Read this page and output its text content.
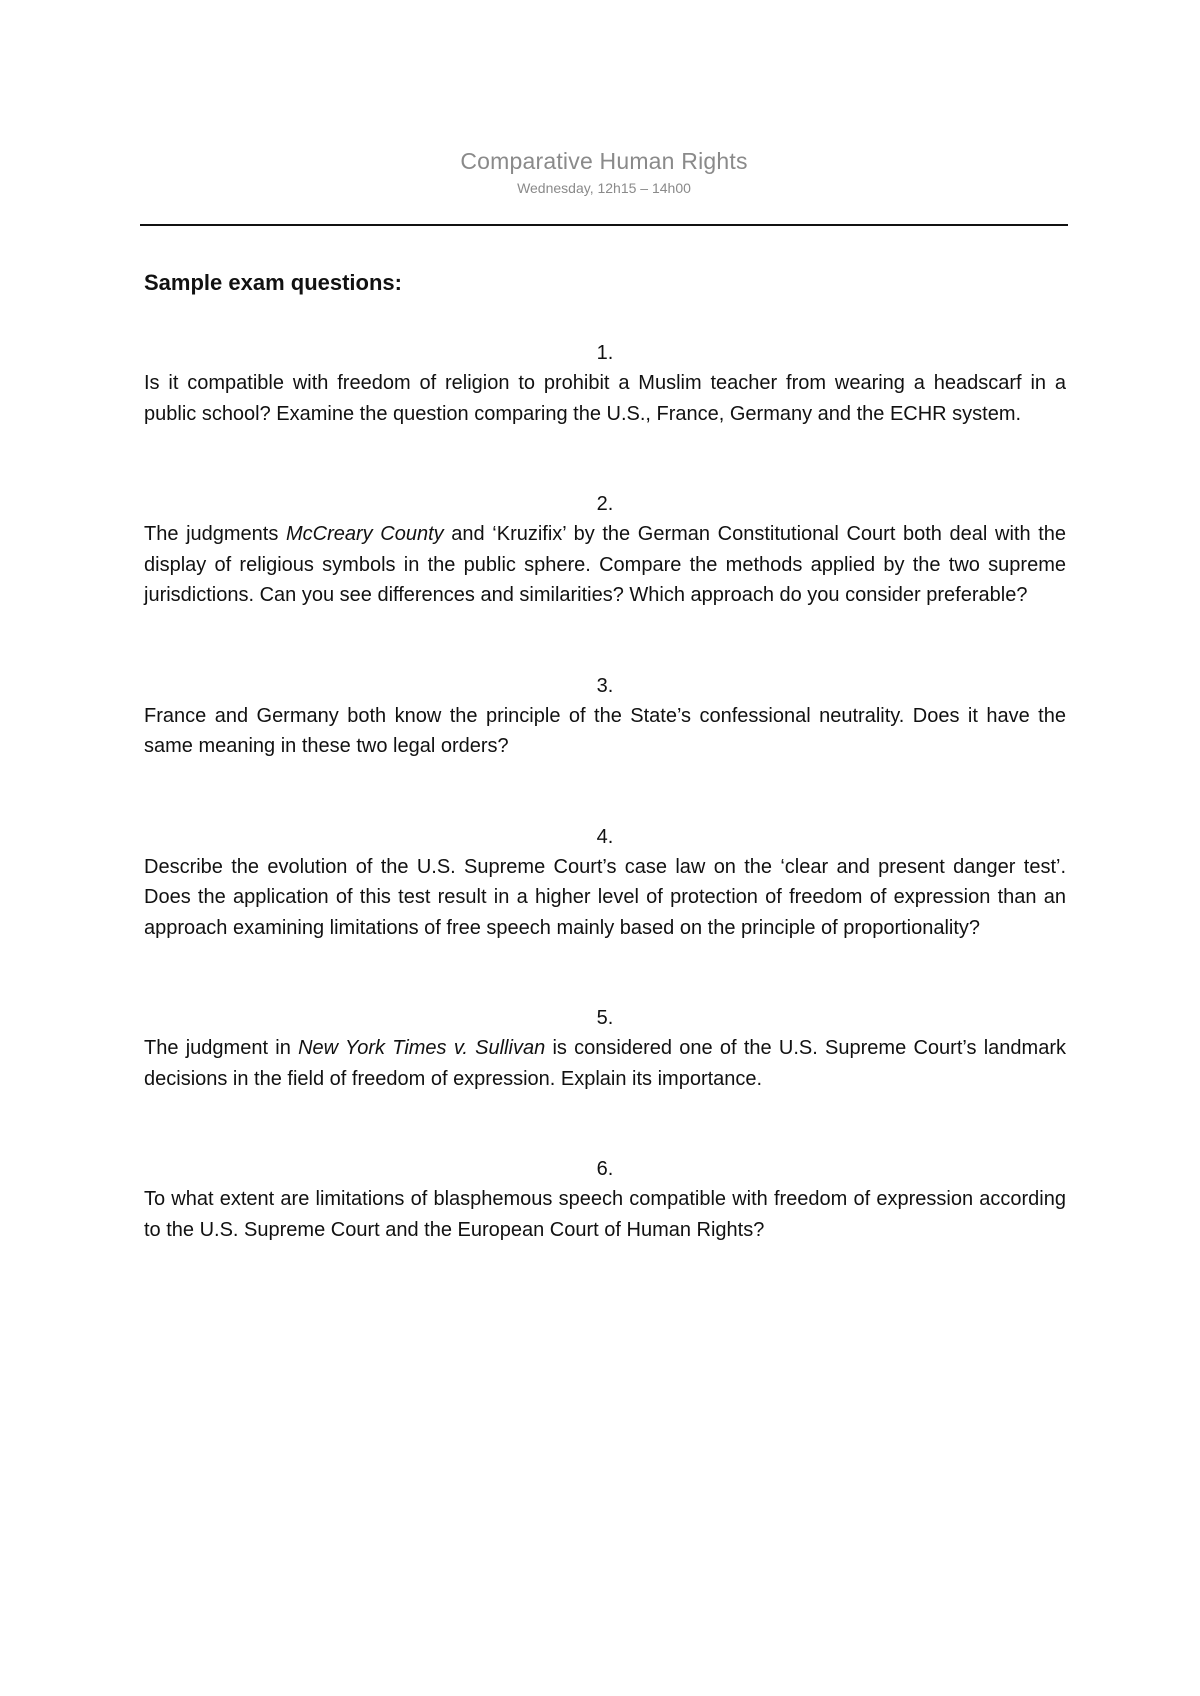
Comparative Human Rights
Wednesday, 12h15 – 14h00
Sample exam questions:
1.

Is it compatible with freedom of religion to prohibit a Muslim teacher from wearing a headscarf in a public school? Examine the question comparing the U.S., France, Germany and the ECHR system.

2.

The judgments McCreary County and ‘Kruzifix’ by the German Constitutional Court both deal with the display of religious symbols in the public sphere. Compare the methods applied by the two supreme jurisdictions. Can you see differences and similarities? Which approach do you consider preferable?

3.

France and Germany both know the principle of the State’s confessional neutrality. Does it have the same meaning in these two legal orders?

4.

Describe the evolution of the U.S. Supreme Court’s case law on the ‘clear and present danger test’. Does the application of this test result in a higher level of protection of freedom of expression than an approach examining limitations of free speech mainly based on the principle of proportionality?

5.

The judgment in New York Times v. Sullivan is considered one of the U.S. Supreme Court’s landmark decisions in the field of freedom of expression. Explain its importance.

6.

To what extent are limitations of blasphemous speech compatible with freedom of expression according to the U.S. Supreme Court and the European Court of Human Rights?
